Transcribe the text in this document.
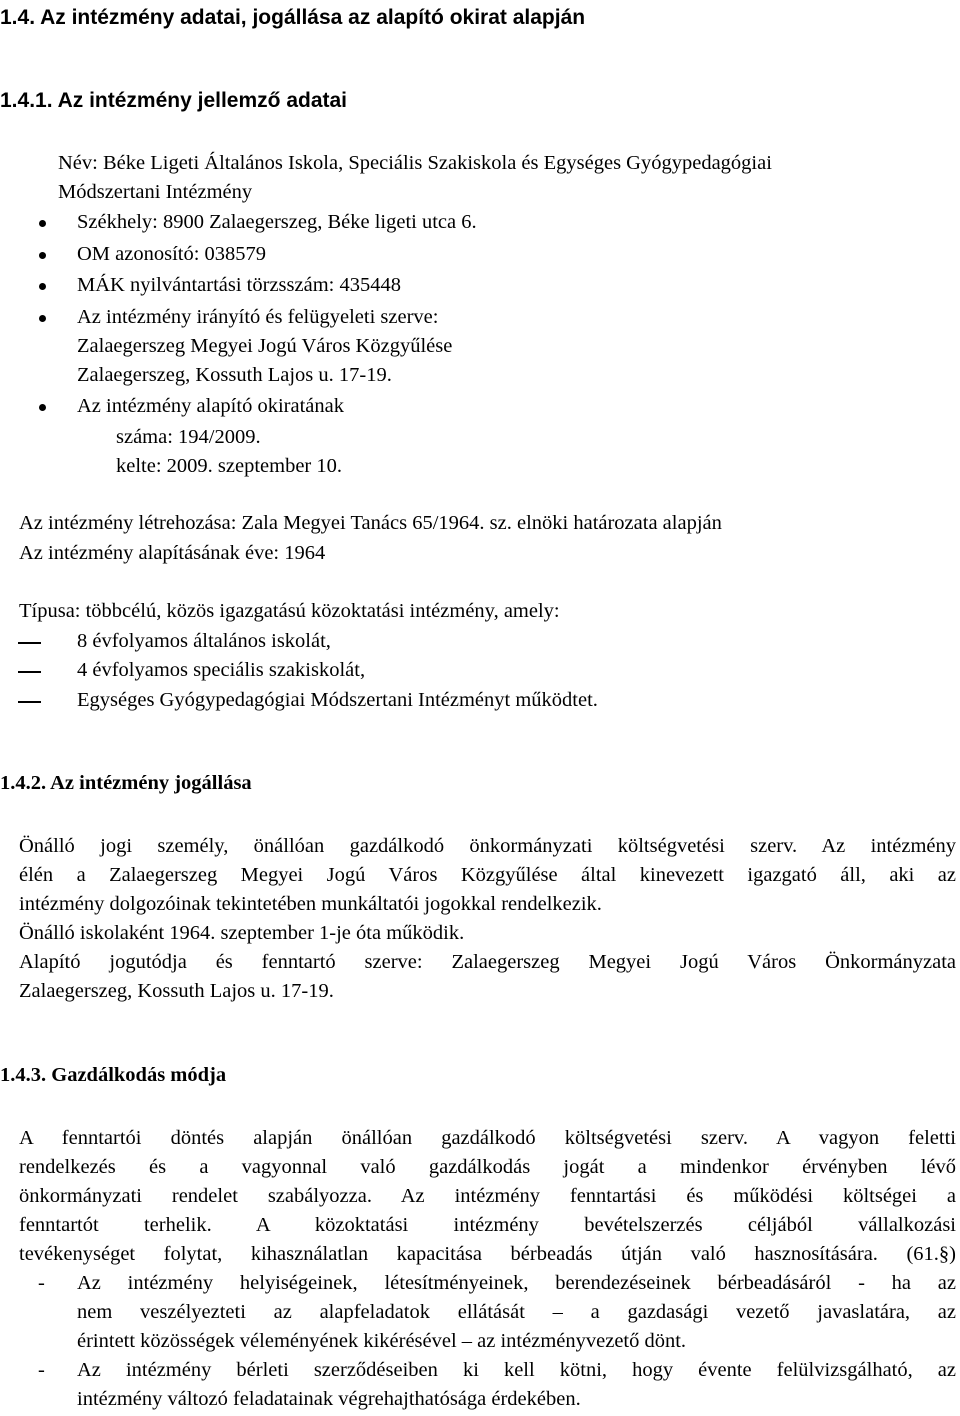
1.4. Az intézmény adatai, jogállása az alapító okirat alapján
1.4.1. Az intézmény jellemző adatai
Név: Béke Ligeti Általános Iskola, Speciális Szakiskola és Egységes Gyógypedagógiai
Módszertani Intézmény
Székhely: 8900 Zalaegerszeg, Béke ligeti utca 6.
OM azonosító: 038579
MÁK nyilvántartási törzsszám: 435448
Az intézmény irányító és felügyeleti szerve:
Zalaegerszeg Megyei Jogú Város Közgyűlése
Zalaegerszeg, Kossuth Lajos u. 17-19.
Az intézmény alapító okiratának
száma: 194/2009.
kelte: 2009. szeptember 10.
Az intézmény létrehozása: Zala Megyei Tanács 65/1964. sz. elnöki határozata alapján
Az intézmény alapításának éve: 1964
Típusa: többcélú, közös igazgatású közoktatási intézmény, amely:
8 évfolyamos általános iskolát,
4 évfolyamos speciális szakiskolát,
Egységes Gyógypedagógiai Módszertani Intézményt működtet.
1.4.2. Az intézmény jogállása
Önálló jogi személy, önállóan gazdálkodó önkormányzati költségvetési szerv. Az intézmény
élén a Zalaegerszeg Megyei Jogú Város Közgyűlése által kinevezett igazgató áll, aki az
intézmény dolgozóinak tekintetében munkáltatói jogokkal rendelkezik.
Önálló iskolaként 1964. szeptember 1-je óta működik.
Alapító jogutódja és fenntartó szerve: Zalaegerszeg Megyei Jogú Város Önkormányzata
Zalaegerszeg, Kossuth Lajos u. 17-19.
1.4.3. Gazdálkodás módja
A fenntartói döntés alapján önállóan gazdálkodó költségvetési szerv. A vagyon feletti
rendelkezés és a vagyonnal való gazdálkodás jogát a mindenkor érvényben lévő
önkormányzati rendelet szabályozza. Az intézmény fenntartási és működési költségei a
fenntartót terhelik. A közoktatási intézmény bevételszerzés céljából vállalkozási
tevékenységet folytat, kihasználatlan kapacitása bérbeadás útján való hasznosítására. (61.§)
- Az intézmény helyiségeinek, létesítményeinek, berendezéseinek bérbeadásáról - ha az
nem veszélyezteti az alapfeladatok ellátását – a gazdasági vezető javaslatára, az
érintett közösségek véleményének kikérésével – az intézményvezető dönt.
- Az intézmény bérleti szerződéseiben ki kell kötni, hogy évente felülvizsgálható, az
intézmény változó feladatainak végrehajthatósága érdekében.
